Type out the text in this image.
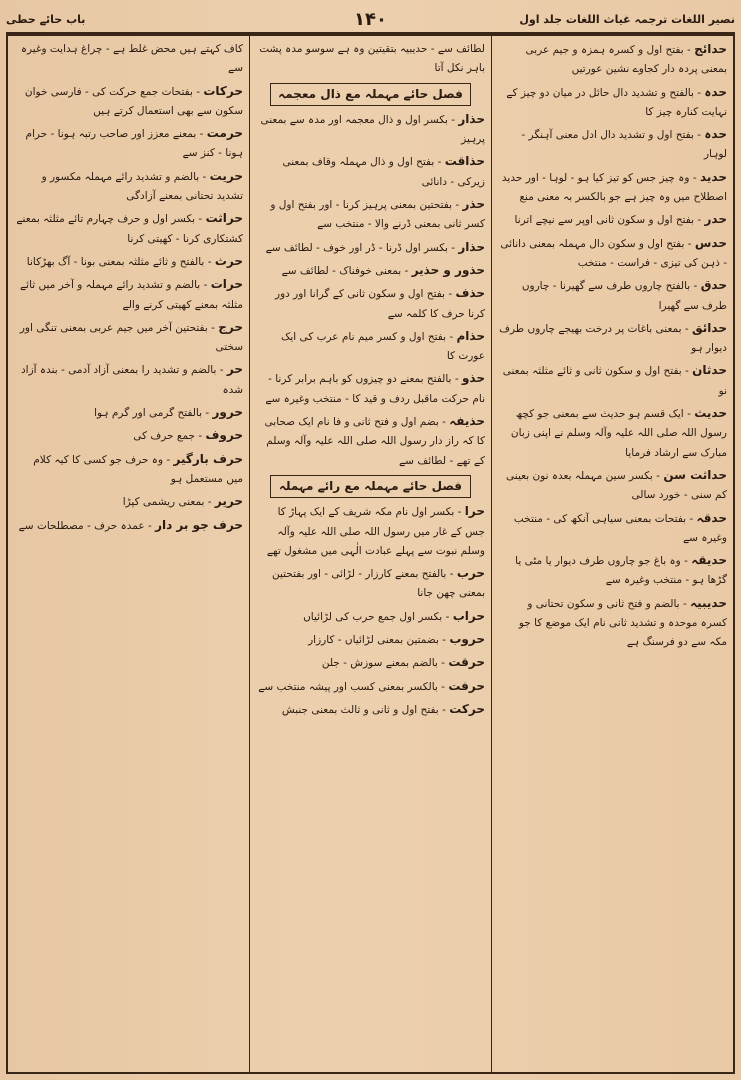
نصیر اللغات ترجمہ غیاث اللغات جلد اول
۱۴۰
باب حائے حطی

حدائج - بفتح اول و کسرہ ہمزہ و جیم عربی بمعنی پردہ دار کجاوے نشین عورتیں

حدہ - بالفتح و تشدید دال حائل در میان دو چیز کے نہایت کنارہ چیز کا

حدہ - بفتح اول و تشدید دال ادل معنی آہنگر - لوہار

حدید - وہ چیز جس کو تیز کیا ہو - لوہا - اور حدید اصطلاح میں وہ چیز ہے جو بالکسر بہ معنی منع

حدر - بفتح اول و سکون ثانی اوپر سے نیچے اترنا

حدس - بفتح اول و سکون دال مہملہ بمعنی دانائی - ذہن کی تیزی - فراست - منتخب

حدق - بالفتح چاروں طرف سے گھیرنا - چاروں طرف سے گھیرا

حدائق - بمعنی باغات پر درخت بھیجے چاروں طرف دیوار ہو

حدثان - بفتح اول و سکون ثانی و ثائے مثلثہ بمعنی نو

حدیث - ایک قسم ہو حدیث سے بمعنی جو کچھ رسول اللہ صلی اللہ علیہ وآلہ وسلم نے اپنی زبان مبارک سے ارشاد فرمایا

حداثت سن - بکسر سین مہملہ بعدہ نون بعینی کم سنی - خورد سالی

حدقہ - بفتحات بمعنی سیاہی آنکھ کی - منتخب وغیرہ سے

حدیقہ - وہ باغ جو چاروں طرف دیوار یا مٹی یا گڑھا ہو - منتخب وغیرہ سے

حدیبیہ - بالضم و فتح ثانی و سکون تحتانی و کسرہ موحدہ و تشدید ثانی نام ایک موضع کا جو مکہ سے دو فرسنگ ہے

لطائف سے - حدیبیہ بتقیتین وہ ہے سوسو مدہ پشت باہر نکل آتا

فصل حائے مہملہ مع ذال معجمہ

حذار - بکسر اول و ذال معجمہ اور مدہ سے بمعنی پرہیز

حذاقت - بفتح اول و ذال مہملہ وقاف بمعنی زیرکی - دانائی

حذر - بفتحتین بمعنی پرہیز کرنا - اور بفتح اول و کسر ثانی بمعنی ڈرنے والا - منتخب سے

حذار - بکسر اول ڈرنا - ڈر اور خوف - لطائف سے

حذور و حذیر - بمعنی خوفناک - لطائف سے

حذف - بفتح اول و سکون ثانی کے گرانا اور دور کرنا حرف کا کلمہ سے

حذام - بفتح اول و کسر میم نام عرب کی ایک عورت کا

حذو - بالفتح بمعنے دو چیزوں کو باہم برابر کرنا - نام حرکت ماقبل ردف و قید کا - منتخب وغیرہ سے

حذیفہ - بضم اول و فتح ثانی و فا نام ایک صحابی کا کہ راز دار رسول اللہ صلی اللہ علیہ وآلہ وسلم کے تھے - لطائف سے

فصل حائے مہملہ مع رائے مہملہ

حرا - بکسر اول نام مکہ شریف کے ایک پہاڑ کا جس کے غار میں رسول اللہ صلی اللہ علیہ وآلہ وسلم نبوت سے پہلے عبادت الٰہی میں مشغول تھے

حرب - بالفتح بمعنے کارزار - لڑائی - اور بفتحتین بمعنی چھن جانا

حراب - بکسر اول جمع حرب کی لڑائیاں

حروب - بضمتین بمعنی لڑائیاں - کارزار

حرقت - بالضم بمعنے سوزش - جلن

حرفت - بالکسر بمعنی کسب اور پیشہ منتخب سے

حرکت - بفتح اول و ثانی و ثالث بمعنی جنبش

کاف کہتے ہیں محض غلط ہے - چراغ ہدایت وغیرہ سے

حرکات - بفتحات جمع حرکت کی - فارسی خوان سکون سے بھی استعمال کرتے ہیں

حرمت - بمعنے معزز اور صاحب رتبہ ہونا - حرام ہونا - کنز سے

حریت - بالضم و تشدید رائے مہملہ مکسور و تشدید تحتانی بمعنے آزادگی

حراثت - بکسر اول و حرف چہارم تائے مثلثہ بمعنے کشتکاری کرنا - کھیتی کرنا

حرث - بالفتح و ثائے مثلثہ بمعنی بونا - آگ بھڑکانا

حرات - بالضم و تشدید رائے مہملہ و آخر میں ثائے مثلثہ بمعنے کھیتی کرنے والے

حرج - بفتحتین آخر میں جیم عربی بمعنی تنگی اور سختی

حر - بالضم و تشدید را بمعنی آزاد آدمی - بندہ آزاد شدہ

حرور - بالفتح گرمی اور گرم ہوا

حروف - جمع حرف کی

حرف بارگیر - وہ حرف جو کسی کا کیہ کلام میں مستعمل ہو

حریر - بمعنی ریشمی کپڑا

حرف جو بر دار - عمدہ حرف - مصطلحات سے
